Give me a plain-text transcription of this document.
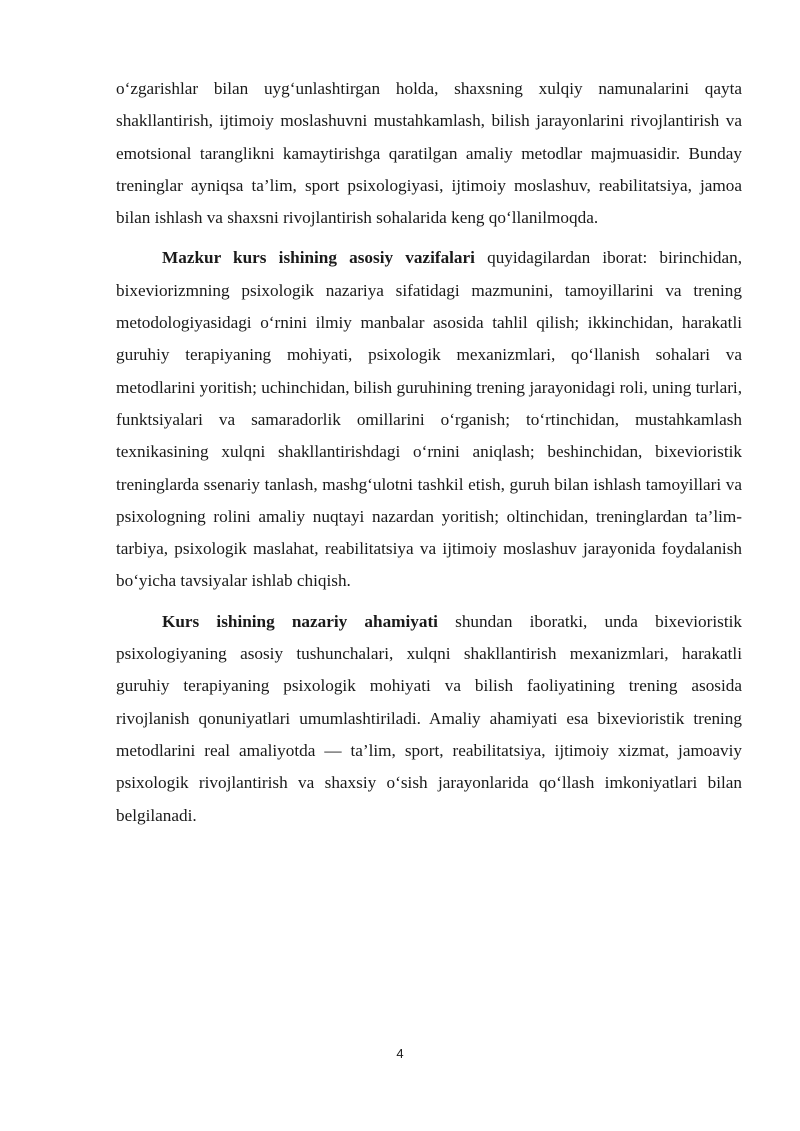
o‘zgarishlar bilan uyg‘unlashtirgan holda, shaxsning xulqiy namunalarini qayta shakllantirish, ijtimoiy moslashuvni mustahkamlash, bilish jarayonlarini rivojlantirish va emotsional taranglikni kamaytirishga qaratilgan amaliy metodlar majmuasidir. Bunday treninglar ayniqsa ta’lim, sport psixologiyasi, ijtimoiy moslashuv, reabilitatsiya, jamoa bilan ishlash va shaxsni rivojlantirish sohalarida keng qo‘llanilmoqda.

Mazkur kurs ishining asosiy vazifalari quyidagilardan iborat: birinchidan, bixeviorizmning psixologik nazariya sifatidagi mazmunini, tamoyillarini va trening metodologiyasidagi o‘rnini ilmiy manbalar asosida tahlil qilish; ikkinchidan, harakatli guruhiy terapiyaning mohiyati, psixologik mexanizmlari, qo‘llanish sohalari va metodlarini yoritish; uchinchidan, bilish guruhining trening jarayonidagi roli, uning turlari, funktsiyalari va samaradorlik omillarini o‘rganish; to‘rtinchidan, mustahkamlash texnikasining xulqni shakllantirishdagi o‘rnini aniqlash; beshinchidan, bixevioristik treninglarda ssenariy tanlash, mashg‘ulotni tashkil etish, guruh bilan ishlash tamoyillari va psixologning rolini amaliy nuqtayi nazardan yoritish; oltinchidan, treninglardan ta’lim-tarbiya, psixologik maslahat, reabilitatsiya va ijtimoiy moslashuv jarayonida foydalanish bo‘yicha tavsiyalar ishlab chiqish.

Kurs ishining nazariy ahamiyati shundan iboratki, unda bixevioristik psixologiyaning asosiy tushunchalari, xulqni shakllantirish mexanizmlari, harakatli guruhiy terapiyaning psixologik mohiyati va bilish faoliyatining trening asosida rivojlanish qonuniyatlari umumlashtiriladi. Amaliy ahamiyati esa bixevioristik trening metodlarini real amaliyotda — ta’lim, sport, reabilitatsiya, ijtimoiy xizmat, jamoaviy psixologik rivojlantirish va shaxsiy o‘sish jarayonlarida qo‘llash imkoniyatlari bilan belgilanadi.

4
